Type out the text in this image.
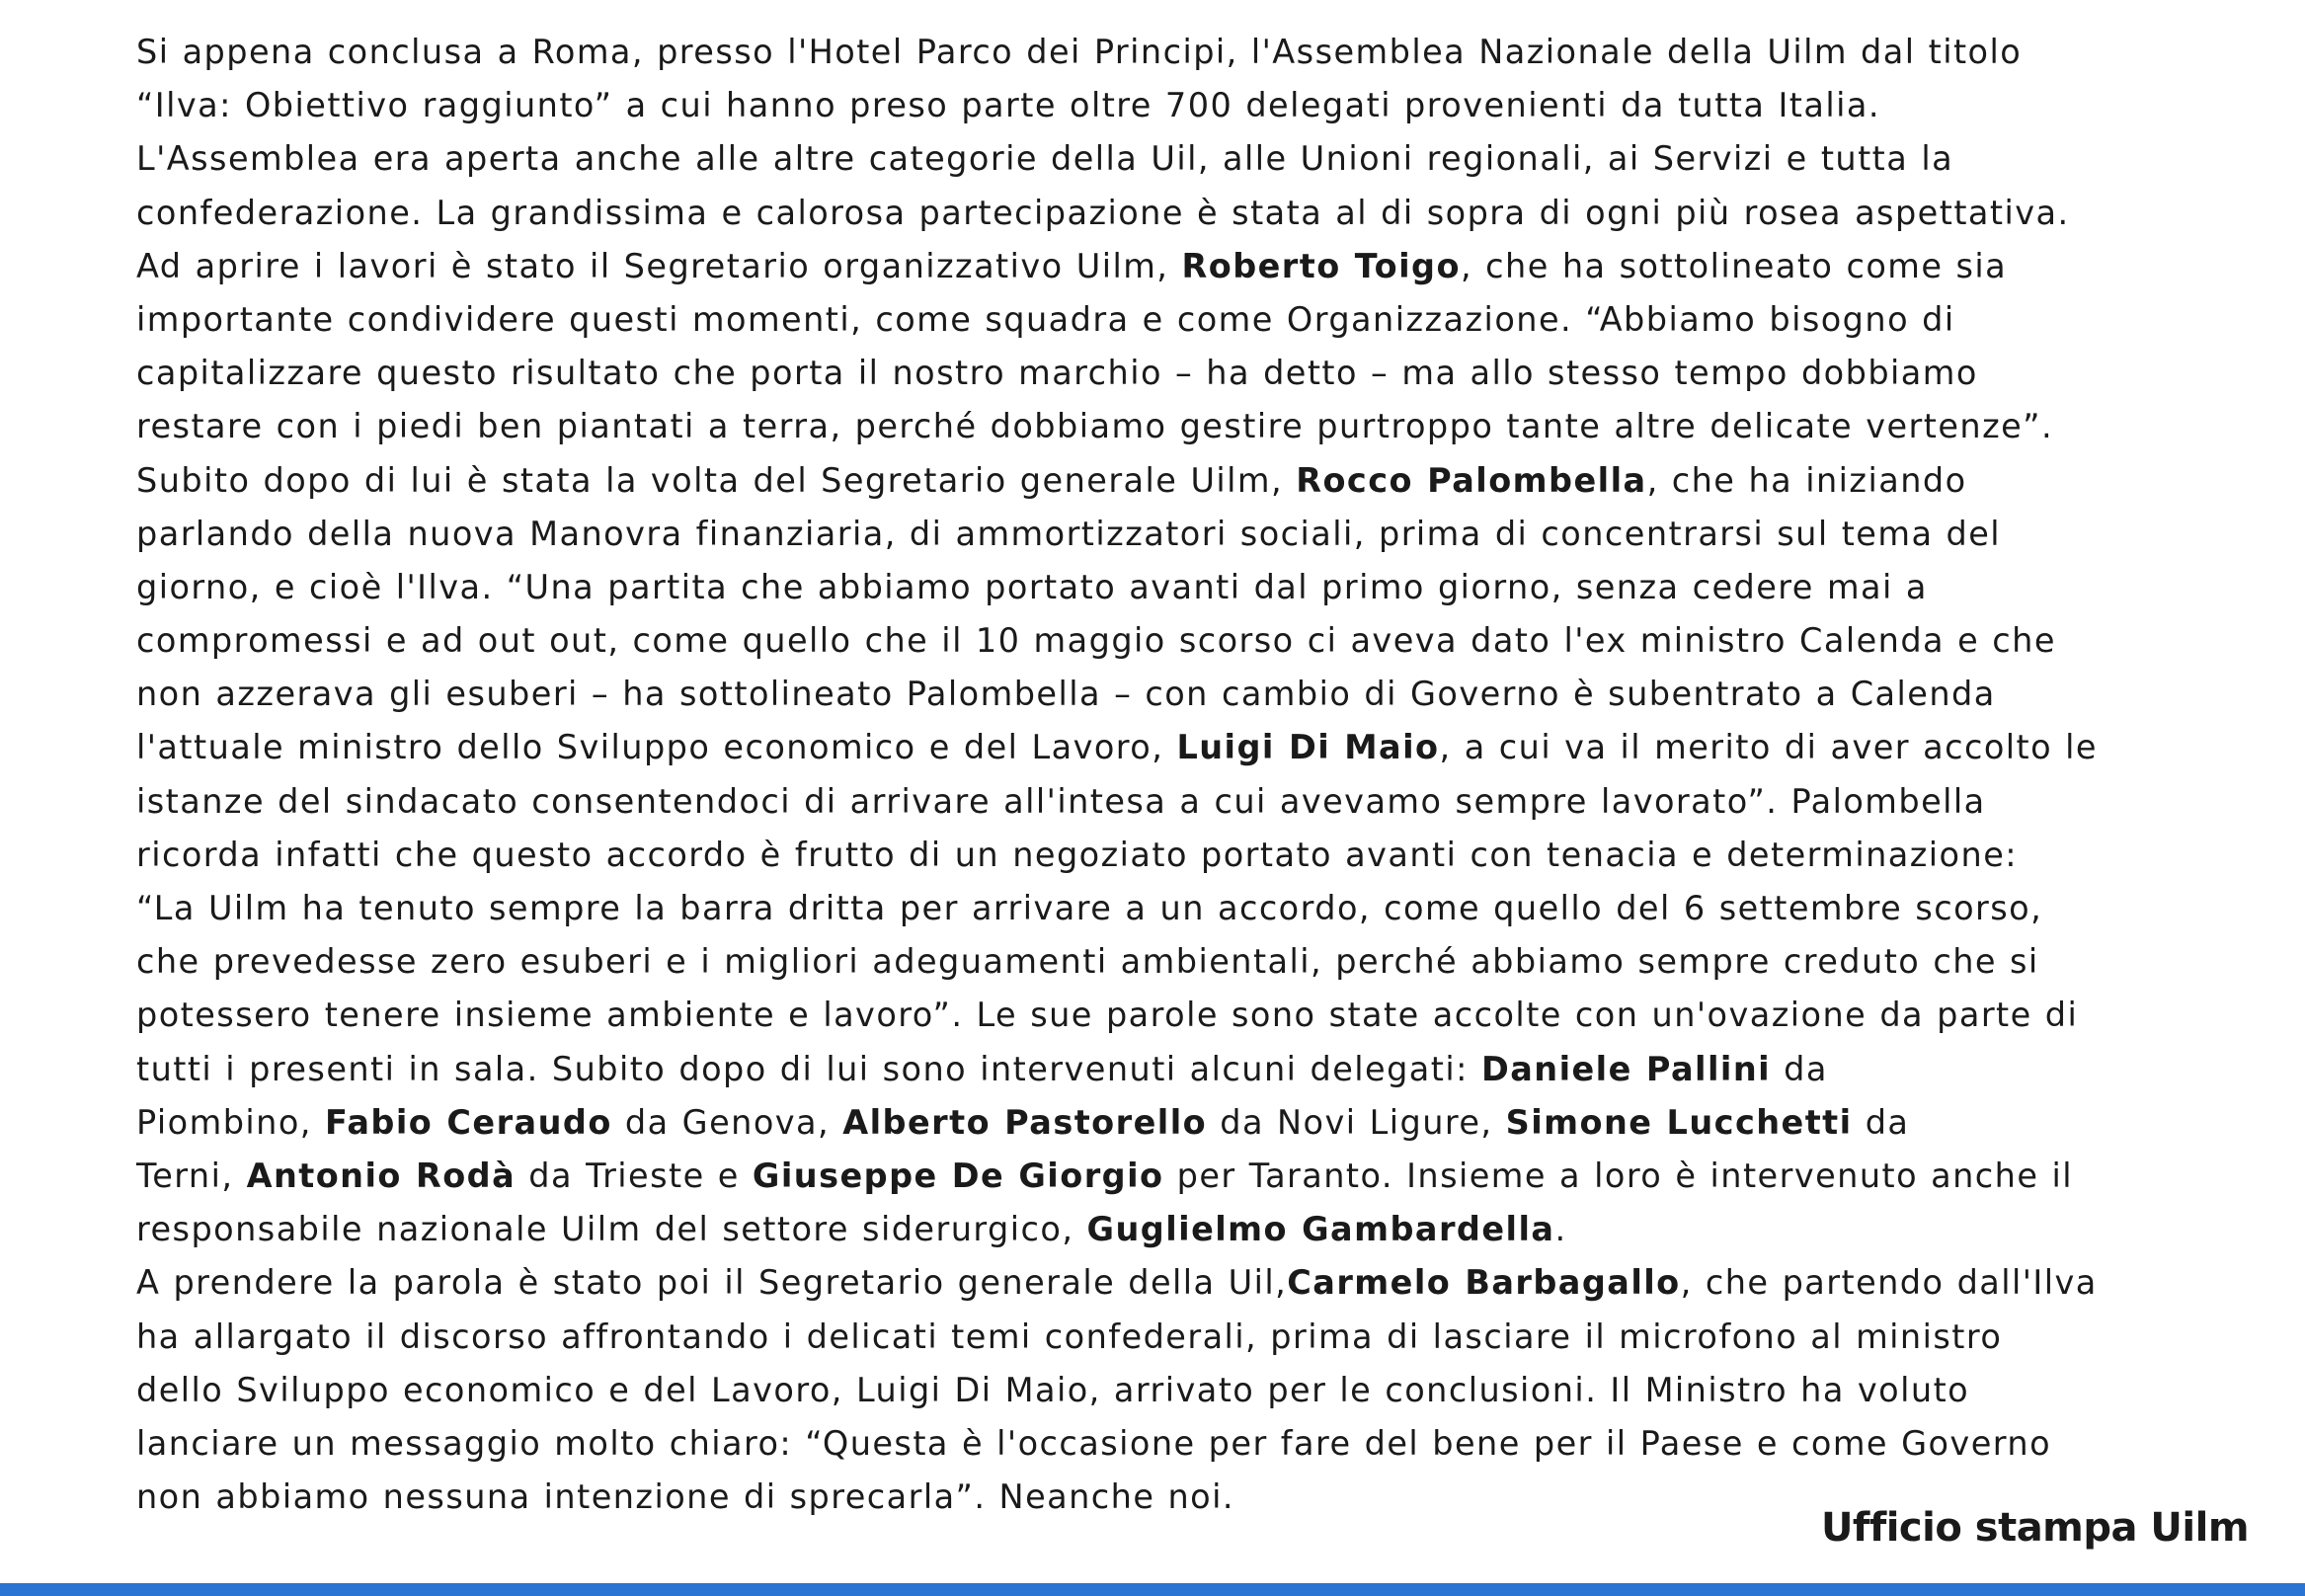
Si appena conclusa a Roma, presso l'Hotel Parco dei Principi, l'Assemblea Nazionale della Uilm dal titolo
“Ilva: Obiettivo raggiunto” a cui hanno preso parte oltre 700 delegati provenienti da tutta Italia.
L'Assemblea era aperta anche alle altre categorie della Uil, alle Unioni regionali, ai Servizi e tutta la
confederazione. La grandissima e calorosa partecipazione è stata al di sopra di ogni più rosea aspettativa.
Ad aprire i lavori è stato il Segretario organizzativo Uilm, Roberto Toigo, che ha sottolineato come sia
importante condividere questi momenti, come squadra e come Organizzazione. “Abbiamo bisogno di
capitalizzare questo risultato che porta il nostro marchio – ha detto – ma allo stesso tempo dobbiamo
restare con i piedi ben piantati a terra, perché dobbiamo gestire purtroppo tante altre delicate vertenze”.
Subito dopo di lui è stata la volta del Segretario generale Uilm, Rocco Palombella, che ha iniziando
parlando della nuova Manovra finanziaria, di ammortizzatori sociali, prima di concentrarsi sul tema del
giorno, e cioè l'Ilva. “Una partita che abbiamo portato avanti dal primo giorno, senza cedere mai a
compromessi e ad out out, come quello che il 10 maggio scorso ci aveva dato l'ex ministro Calenda e che
non azzerava gli esuberi – ha sottolineato Palombella – con cambio di Governo è subentrato a Calenda
l'attuale ministro dello Sviluppo economico e del Lavoro, Luigi Di Maio, a cui va il merito di aver accolto le
istanze del sindacato consentendoci di arrivare all'intesa a cui avevamo sempre lavorato”. Palombella
ricorda infatti che questo accordo è frutto di un negoziato portato avanti con tenacia e determinazione:
“La Uilm ha tenuto sempre la barra dritta per arrivare a un accordo, come quello del 6 settembre scorso,
che prevedesse zero esuberi e i migliori adeguamenti ambientali, perché abbiamo sempre creduto che si
potessero tenere insieme ambiente e lavoro”. Le sue parole sono state accolte con un'ovazione da parte di
tutti i presenti in sala. Subito dopo di lui sono intervenuti alcuni delegati: Daniele Pallini da
Piombino, Fabio Ceraudo da Genova, Alberto Pastorello da Novi Ligure, Simone Lucchetti da
Terni, Antonio Rodà da Trieste e Giuseppe De Giorgio per Taranto. Insieme a loro è intervenuto anche il
responsabile nazionale Uilm del settore siderurgico, Guglielmo Gambardella.
A prendere la parola è stato poi il Segretario generale della Uil,Carmelo Barbagallo, che partendo dall'Ilva
ha allargato il discorso affrontando i delicati temi confederali, prima di lasciare il microfono al ministro
dello Sviluppo economico e del Lavoro, Luigi Di Maio, arrivato per le conclusioni. Il Ministro ha voluto
lanciare un messaggio molto chiaro: “Questa è l'occasione per fare del bene per il Paese e come Governo
non abbiamo nessuna intenzione di sprecarla”. Neanche noi.
Ufficio stampa Uilm
